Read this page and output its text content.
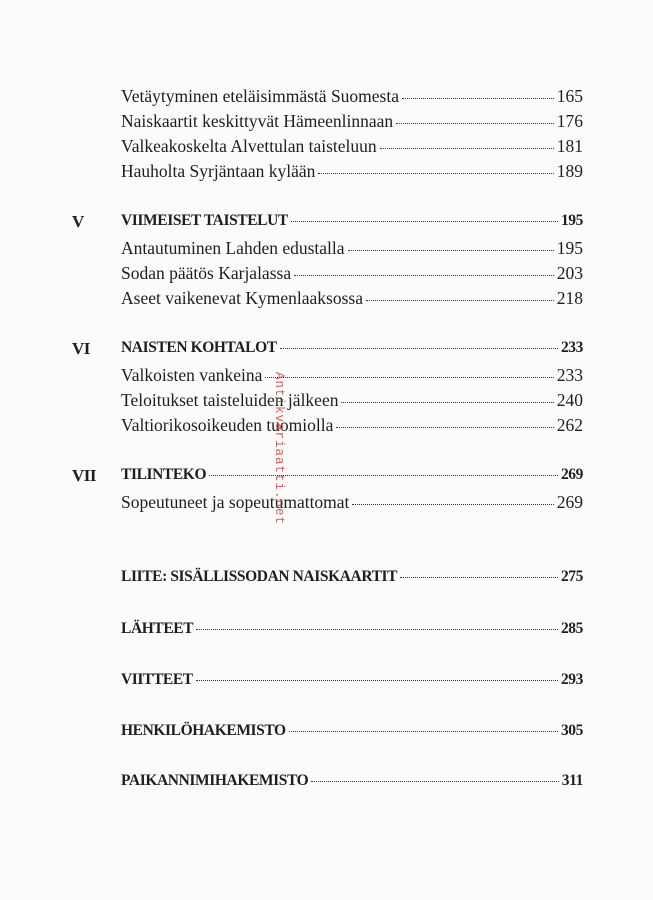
Vetäytyminen eteläisimmästä Suomesta	165
Naiskaartit keskittyvät Hämeenlinnaan	176
Valkeakoskelta Alvettulan taisteluun	181
Hauholta Syrjäntaan kylään	189
V	VIIMEISET TAISTELUT	195
Antautuminen Lahden edustalla	195
Sodan päätös Karjalassa	203
Aseet vaikenevat Kymenlaaksossa	218
VI	NAISTEN KOHTALOT	233
Valkoisten vankeina	233
Teloitukset taisteluiden jälkeen	240
Valtiorikosoikeuden tuomiolla	262
VII	TILINTEKO	269
Sopeutuneet ja sopeutumattomat	269
LIITE: SISÄLLISSODAN NAISKAARTIT	275
LÄHTEET	285
VIITTEET	293
HENKILÖHAKEMISTO	305
PAIKANNIMIHAKEMISTO	311
Antikvariaatti.net
